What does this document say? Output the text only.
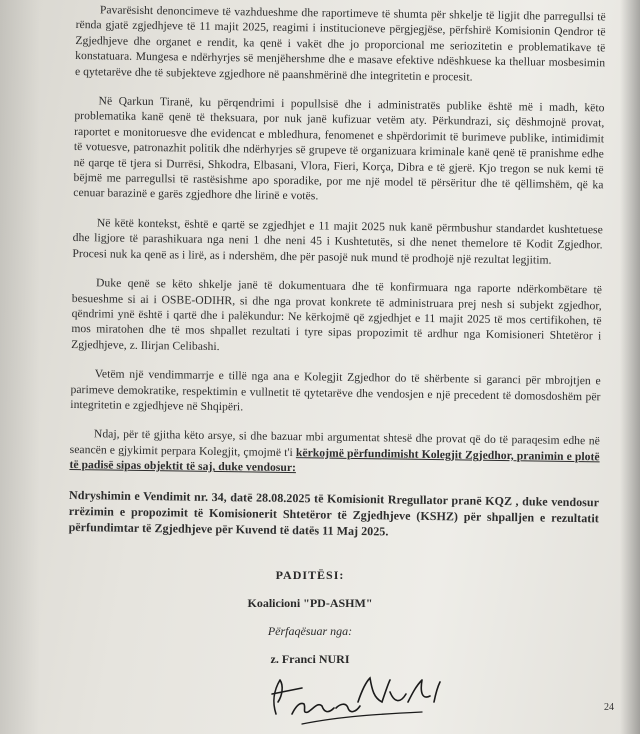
Pavarësisht denoncimeve të vazhdueshme dhe raportimeve të shumta për shkelje të ligjit dhe parregullsi të rënda gjatë zgjedhjeve të 11 majit 2025, reagimi i institucioneve përgjegjëse, përfshirë Komisionin Qendror të Zgjedhjeve dhe organet e rendit, ka qenë i vakët dhe jo proporcional me seriozitetin e problematikave të konstatuara. Mungesa e ndërhyrjes së menjëhershme dhe e masave efektive ndëshkuese ka thelluar mosbesimin e qytetarëve dhe të subjekteve zgjedhore në paanshmërinë dhe integritetin e procesit.

Në Qarkun Tiranë, ku përqendrimi i popullsisë dhe i administratës publike është më i madh, këto problematika kanë qenë të theksuara, por nuk janë kufizuar vetëm aty. Përkundrazi, siç dëshmojnë provat, raportet e monitoruesve dhe evidencat e mbledhura, fenomenet e shpërdorimit të burimeve publike, intimidimit të votuesve, patronazhit politik dhe ndërhyrjes së grupeve të organizuara kriminale kanë qenë të pranishme edhe në qarqe të tjera si Durrësi, Shkodra, Elbasani, Vlora, Fieri, Korça, Dibra e të gjerë. Kjo tregon se nuk kemi të bëjmë me parregullsi të rastësishme apo sporadike, por me një model të përsëritur dhe të qëllimshëm, që ka cenuar barazinë e garës zgjedhore dhe lirinë e votës.

Në këtë kontekst, është e qartë se zgjedhjet e 11 majit 2025 nuk kanë përmbushur standardet kushtetuese dhe ligjore të parashikuara nga neni 1 dhe neni 45 i Kushtetutës, si dhe nenet themelore të Kodit Zgjedhor. Procesi nuk ka qenë as i lirë, as i ndershëm, dhe për pasojë nuk mund të prodhojë një rezultat legjitim.

Duke qenë se këto shkelje janë të dokumentuara dhe të konfirmuara nga raporte ndërkombëtare të besueshme si ai i OSBE-ODIHR, si dhe nga provat konkrete të administruara prej nesh si subjekt zgjedhor, qëndrimi ynë është i qartë dhe i palëkundur: Ne kërkojmë që zgjedhjet e 11 majit 2025 të mos certifikohen, të mos miratohen dhe të mos shpallet rezultati i tyre sipas propozimit të ardhur nga Komisioneri Shtetëror i Zgjedhjeve, z. Ilirjan Celibashi.

Vetëm një vendimmarrje e tillë nga ana e Kolegjit Zgjedhor do të shërbente si garanci për mbrojtjen e parimeve demokratike, respektimin e vullnetit të qytetarëve dhe vendosjen e një precedent të domosdoshëm për integritetin e zgjedhjeve në Shqipëri.

Ndaj, për të gjitha këto arsye, si dhe bazuar mbi argumentat shtesë dhe provat që do të paraqesim edhe në seancën e gjykimit perpara Kolegjit, çmojmë t'i kërkojmë përfundimisht Kolegjit Zgjedhor, pranimin e plotë të padisë sipas objektit të saj, duke vendosur:

Ndryshimin e Vendimit nr. 34, datë 28.08.2025 të Komisionit Rregullator pranë KQZ , duke vendosur rrëzimin e propozimit të Komisionerit Shtetëror të Zgjedhjeve (KSHZ) për shpalljen e rezultatit përfundimtar të Zgjedhjeve për Kuvend të datës 11 Maj 2025.

PADITËSI:
Koalicioni "PD-ASHM"
Përfaqësuar nga:
z. Franci NURI
24
